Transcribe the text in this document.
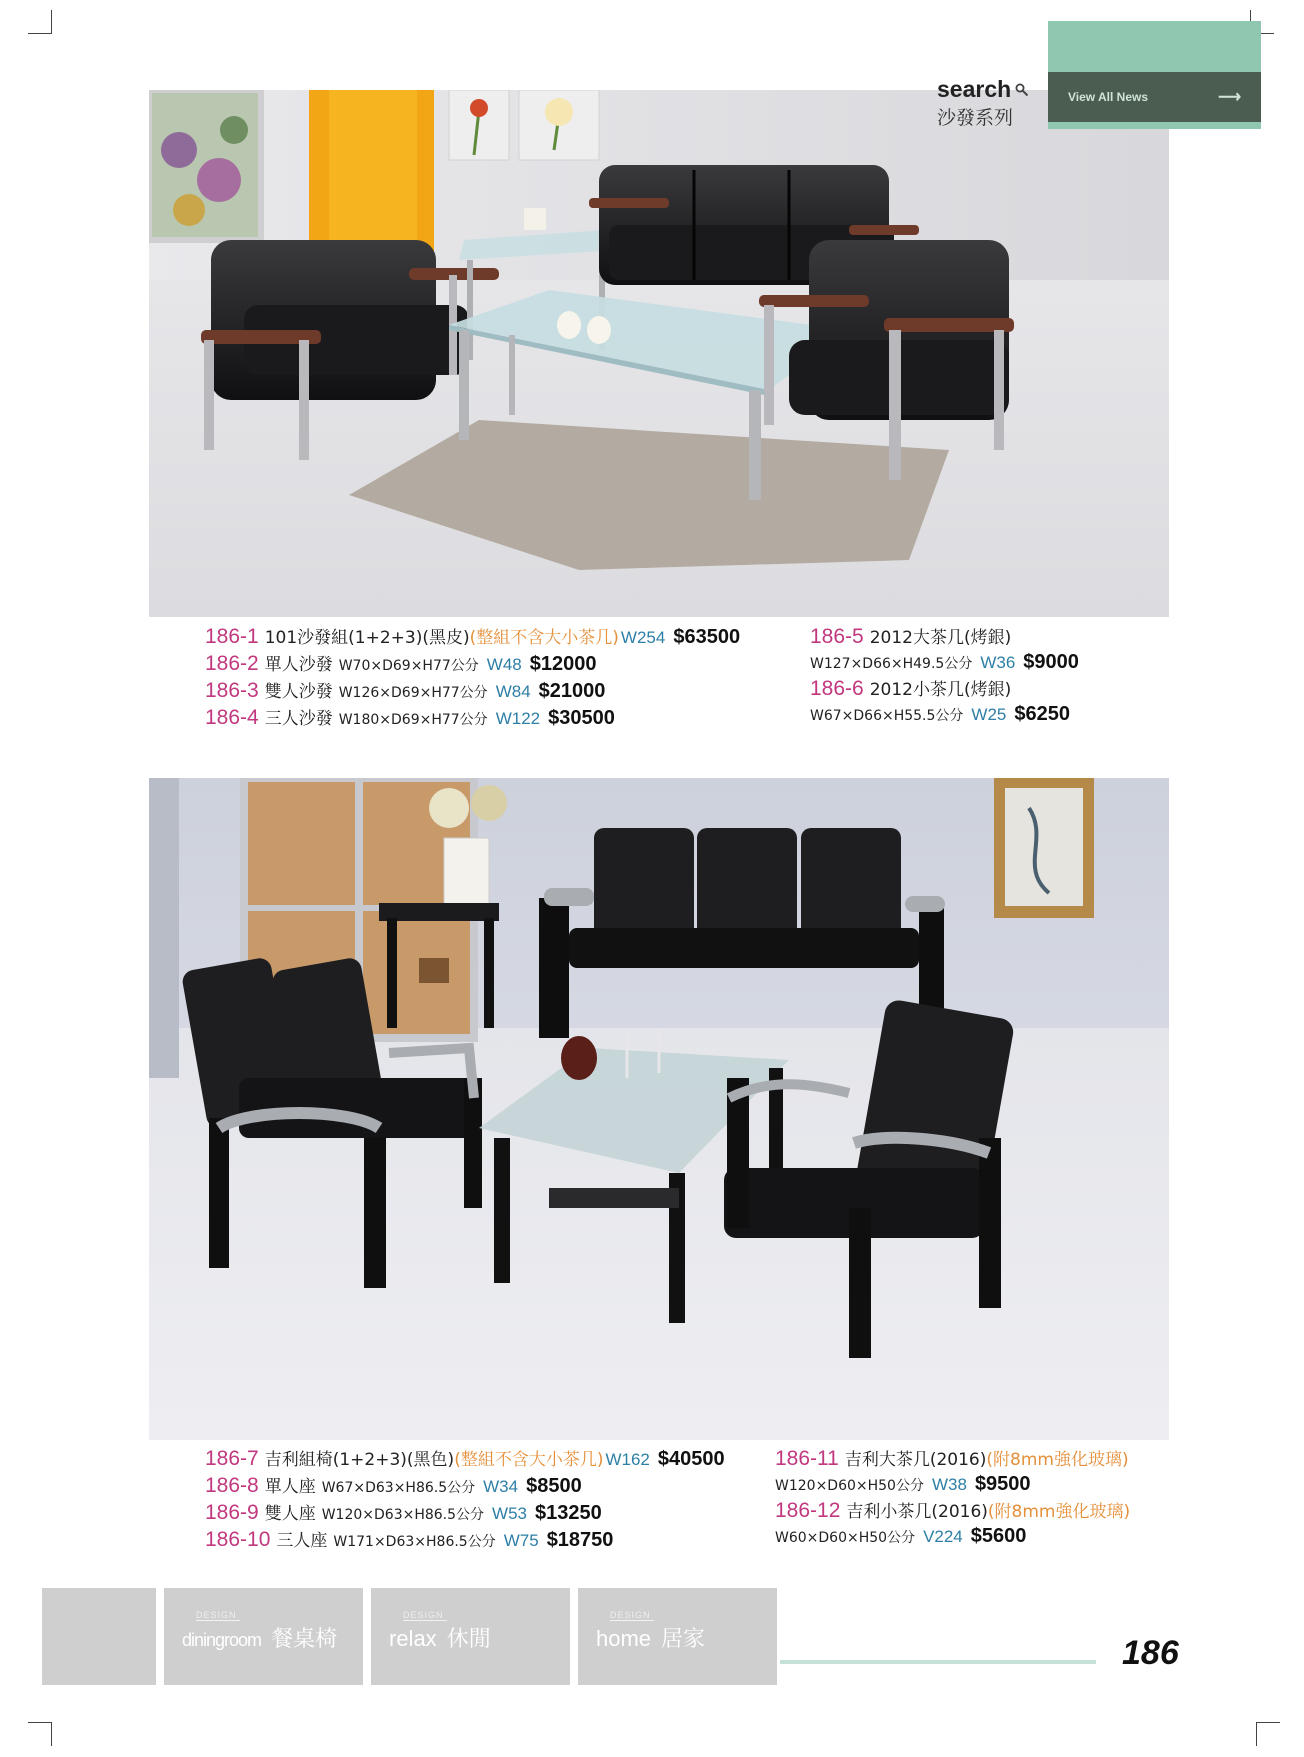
search
沙發系列
View All News	⟶
186-1 101沙發組(1+2+3)(黑皮)(整組不含大小茶几) W254 $63500
186-2 單人沙發 W70×D69×H77公分 W48 $12000
186-3 雙人沙發 W126×D69×H77公分 W84 $21000
186-4 三人沙發 W180×D69×H77公分 W122 $30500
186-5 2012大茶几(烤銀)
W127×D66×H49.5公分 W36 $9000
186-6 2012小茶几(烤銀)
W67×D66×H55.5公分 W25 $6250
186-7 吉利組椅(1+2+3)(黑色)(整組不含大小茶几) W162 $40500
186-8 單人座 W67×D63×H86.5公分 W34 $8500
186-9 雙人座 W120×D63×H86.5公分 W53 $13250
186-10 三人座 W171×D63×H86.5公分 W75 $18750
186-11 吉利大茶几(2016)(附8mm強化玻璃)
W120×D60×H50公分 W38 $9500
186-12 吉利小茶几(2016)(附8mm強化玻璃)
W60×D60×H50公分 V224 $5600
DESIGN
diningroom 餐桌椅
DESIGN
relax 休閒
DESIGN
home 居家	186
